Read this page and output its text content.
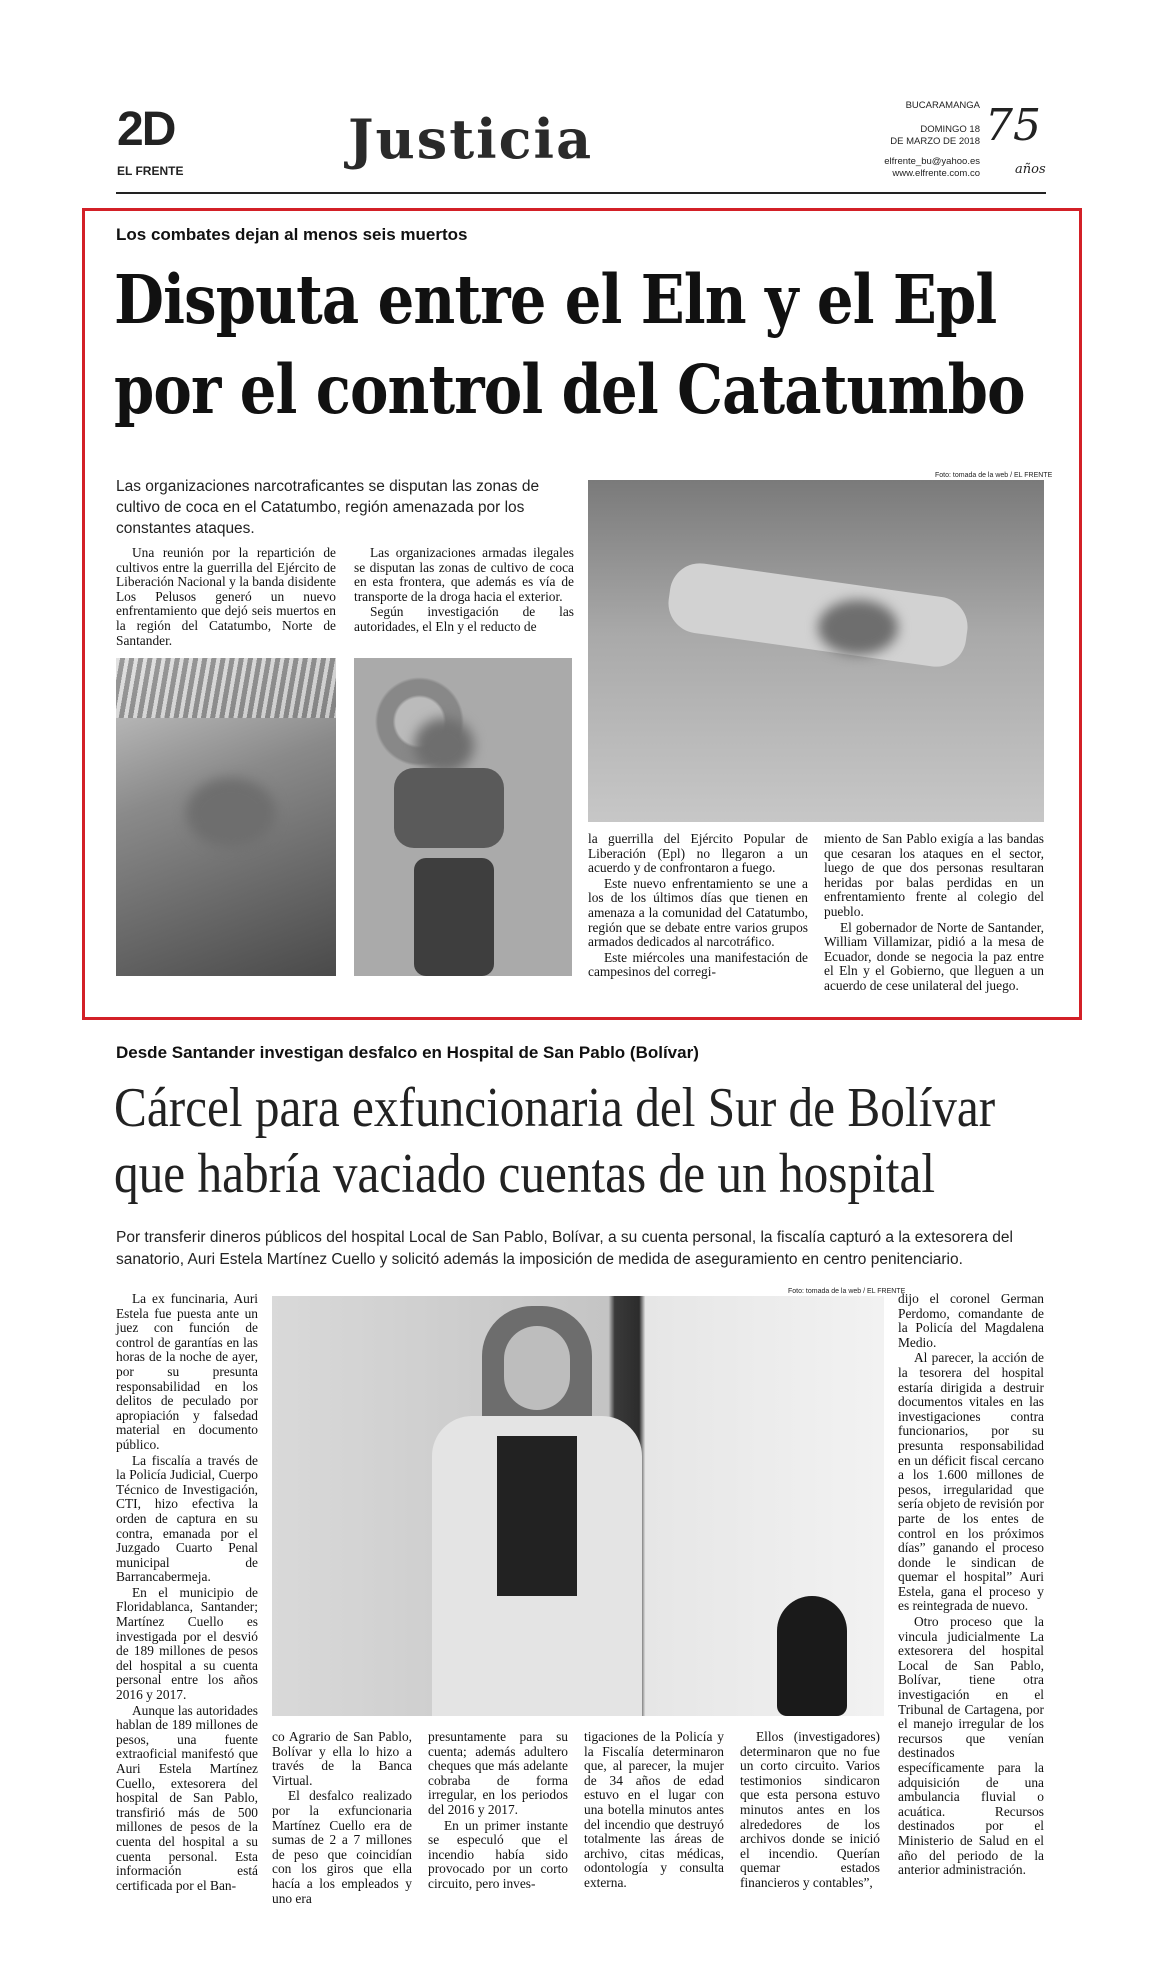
2D
EL FRENTE	Justicia
BUCARAMANGA
DOMINGO 18
DE MARZO DE 2018
elfrente_bu@yahoo.es
www.elfrente.com.co
75
años
Los combates dejan al menos seis muertos
Disputa entre el Eln y el Epl
por el control del Catatumbo
Las organizaciones narcotraficantes se disputan las zonas de cultivo de coca en el Catatumbo, región amenazada por los constantes ataques.

Una reunión por la repartición de cultivos entre la guerrilla del Ejército de Liberación Nacional y la banda disidente Los Pelusos generó un nuevo enfrentamiento que dejó seis muertos en la región del Catatumbo, Norte de Santander.

Las organizaciones armadas ilegales se disputan las zonas de cultivo de coca en esta frontera, que además es vía de transporte de la droga hacia el exterior.

Según investigación de las autoridades, el Eln y el reducto de

Foto: tomada de la web / EL FRENTE

la guerrilla del Ejército Popular de Liberación (Epl) no llegaron a un acuerdo y de confrontaron a fuego.

Este nuevo enfrentamiento se une a los de los últimos días que tienen en amenaza a la comunidad del Catatumbo, región que se debate entre varios grupos armados dedicados al narcotráfico.

Este miércoles una manifestación de campesinos del corregi-

miento de San Pablo exigía a las bandas que cesaran los ataques en el sector, luego de que dos personas resultaran heridas por balas perdidas en un enfrentamiento frente al colegio del pueblo.

El gobernador de Norte de Santander, William Villamizar, pidió a la mesa de Ecuador, donde se negocia la paz entre el Eln y el Gobierno, que lleguen a un acuerdo de cese unilateral del juego.

Desde Santander investigan desfalco en Hospital de San Pablo (Bolívar)
Cárcel para exfuncionaria del Sur de Bolívar
que habría vaciado cuentas de un hospital
Por transferir dineros públicos del hospital Local de San Pablo, Bolívar, a su cuenta personal, la fiscalía capturó a la extesorera del sanatorio, Auri Estela Martínez Cuello y solicitó además la imposición de medida de aseguramiento en centro penitenciario.

La ex funcinaria, Auri Estela fue puesta ante un juez con función de control de garantías en las horas de la noche de ayer, por su presunta responsabilidad en los delitos de peculado por apropiación y falsedad material en documento público.

La fiscalía a través de la Policía Judicial, Cuerpo Técnico de Investigación, CTI, hizo efectiva la orden de captura en su contra, emanada por el Juzgado Cuarto Penal municipal de Barrancabermeja.

En el municipio de Floridablanca, Santander; Martínez Cuello es investigada por el desvió de 189 millones de pesos del hospital a su cuenta personal entre los años 2016 y 2017.

Aunque las autoridades hablan de 189 millones de pesos, una fuente extraoficial manifestó que Auri Estela Martínez Cuello, extesorera del hospital de San Pablo, transfirió más de 500 millones de pesos de la cuenta del hospital a su cuenta personal. Esta información está certificada por el Ban-

Foto: tomada de la web / EL FRENTE

co Agrario de San Pablo, Bolívar y ella lo hizo a través de la Banca Virtual.

El desfalco realizado por la exfuncionaria Martínez Cuello era de sumas de 2 a 7 millones de peso que coincidían con los giros que ella hacía a los empleados y uno era

presuntamente para su cuenta; además adultero cheques que más adelante cobraba de forma irregular, en los periodos del 2016 y 2017.

En un primer instante se especuló que el incendio había sido provocado por un corto circuito, pero inves-

tigaciones de la Policía y la Fiscalía determinaron que, al parecer, la mujer de 34 años de edad estuvo en el lugar con una botella minutos antes del incendio que destruyó totalmente las áreas de archivo, citas médicas, odontología y consulta externa.

Ellos (investigadores) determinaron que no fue un corto circuito. Varios testimonios sindicaron que esta persona estuvo minutos antes en los alrededores de los archivos donde se inició el incendio. Querían quemar estados financieros y contables”,

dijo el coronel German Perdomo, comandante de la Policía del Magdalena Medio.

Al parecer, la acción de la tesorera del hospital estaría dirigida a destruir documentos vitales en las investigaciones contra funcionarios, por su presunta responsabilidad en un déficit fiscal cercano a los 1.600 millones de pesos, irregularidad que sería objeto de revisión por parte de los entes de control en los próximos días” ganando el proceso donde le sindican de quemar el hospital” Auri Estela, gana el proceso y es reintegrada de nuevo.

Otro proceso que la vincula judicialmente La extesorera del hospital Local de San Pablo, Bolívar, tiene otra investigación en el Tribunal de Cartagena, por el manejo irregular de los recursos que venían destinados específicamente para la adquisición de una ambulancia fluvial o acuática. Recursos destinados por el Ministerio de Salud en el año del periodo de la anterior administración.
